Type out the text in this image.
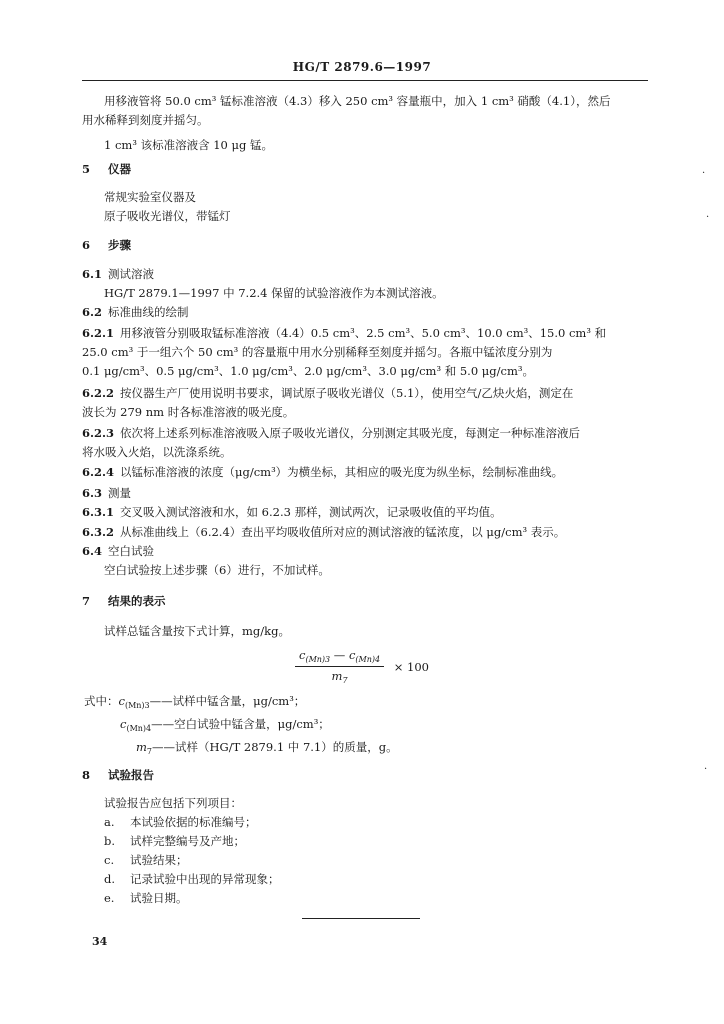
HG/T 2879.6—1997
用移液管将 50.0 cm³ 锰标准溶液（4.3）移入 250 cm³ 容量瓶中，加入 1 cm³ 硝酸（4.1），然后
用水稀释到刻度并摇匀。
1 cm³ 该标准溶液含 10 μg 锰。
5 仪器
常规实验室仪器及
原子吸收光谱仪，带锰灯
6 步骤
6.1 测试溶液
HG/T 2879.1—1997 中 7.2.4 保留的试验溶液作为本测试溶液。
6.2 标准曲线的绘制
6.2.1 用移液管分别吸取锰标准溶液（4.4）0.5 cm³、2.5 cm³、5.0 cm³、10.0 cm³、15.0 cm³ 和
25.0 cm³ 于一组六个 50 cm³ 的容量瓶中用水分别稀释至刻度并摇匀。各瓶中锰浓度分别为
0.1 μg/cm³、0.5 μg/cm³、1.0 μg/cm³、2.0 μg/cm³、3.0 μg/cm³ 和 5.0 μg/cm³。
6.2.2 按仪器生产厂使用说明书要求，调试原子吸收光谱仪（5.1），使用空气/乙炔火焰，测定在
波长为 279 nm 时各标准溶液的吸光度。
6.2.3 依次将上述系列标准溶液吸入原子吸收光谱仪，分别测定其吸光度，每测定一种标准溶液后
将水吸入火焰，以洗涤系统。
6.2.4 以锰标准溶液的浓度（μg/cm³）为横坐标，其相应的吸光度为纵坐标，绘制标准曲线。
6.3 测量
6.3.1 交叉吸入测试溶液和水，如 6.2.3 那样，测试两次，记录吸收值的平均值。
6.3.2 从标准曲线上（6.2.4）查出平均吸收值所对应的测试溶液的锰浓度，以 μg/cm³ 表示。
6.4 空白试验
空白试验按上述步骤（6）进行，不加试样。
7 结果的表示
试样总锰含量按下式计算，mg/kg。
$\frac{c_{(Mn)3} — c_{(Mn)4}}{m_7} \times 100$
式中：$c_{(Mn)3}——$试样中锰含量，μg/cm³；
$c_{(Mn)4}——$空白试验中锰含量，μg/cm³；
$m_7——$试样（HG/T 2879.1 中 7.1）的质量，g。
8 试验报告
试验报告应包括下列项目：
a. 本试验依据的标准编号；
b. 试样完整编号及产地；
c. 试验结果；
d. 记录试验中出现的异常现象；
e. 试验日期。
34
·
·
·
